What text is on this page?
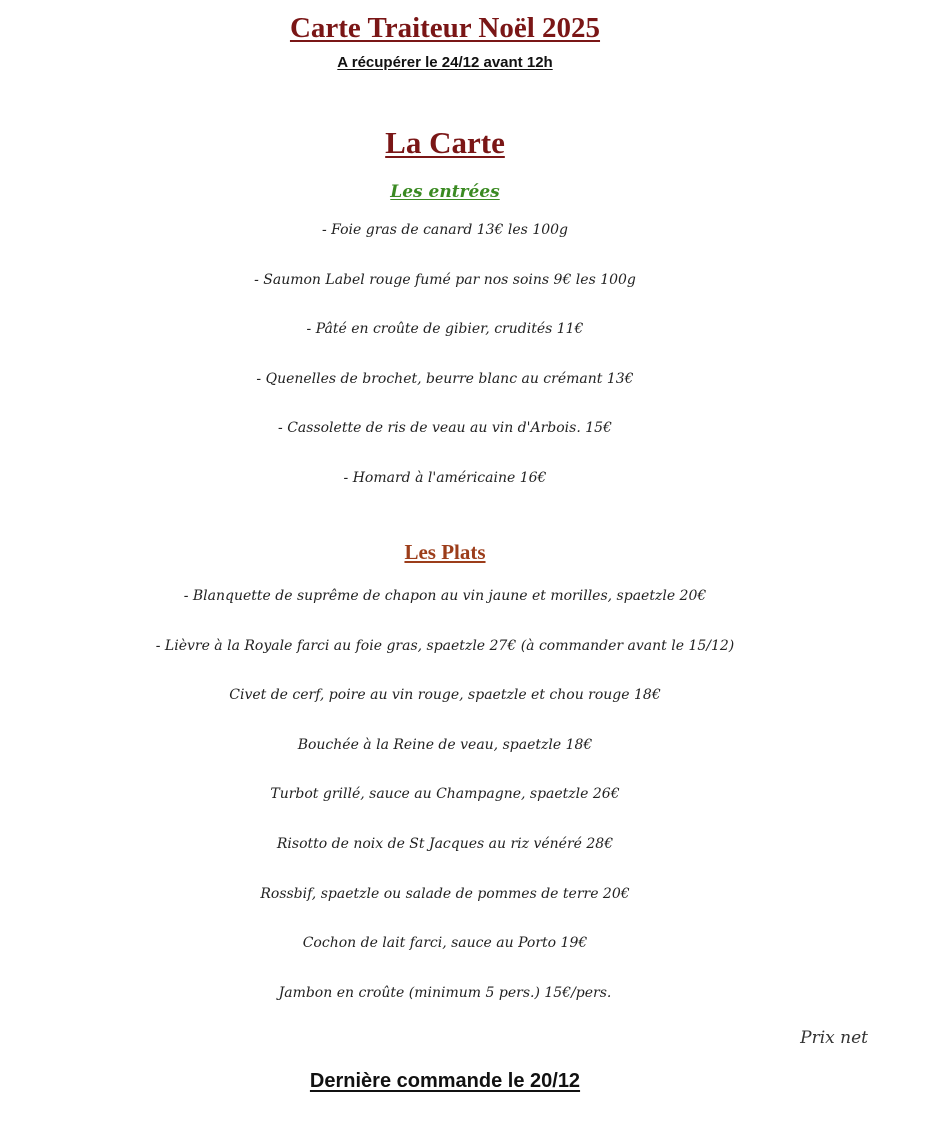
Carte Traiteur Noël 2025
A récupérer le 24/12 avant 12h
La Carte
Les entrées
- Foie gras de canard 13€ les 100g
- Saumon Label rouge fumé par nos soins 9€ les 100g
- Pâté en croûte de gibier, crudités 11€
- Quenelles de brochet, beurre blanc au crémant 13€
- Cassolette de ris de veau au vin d'Arbois. 15€
- Homard à l'américaine 16€
Les Plats
- Blanquette de suprême de chapon au vin jaune et morilles, spaetzle 20€
- Lièvre à la Royale farci au foie gras, spaetzle 27€ (à commander avant le 15/12)
Civet de cerf, poire au vin rouge, spaetzle et chou rouge 18€
Bouchée à la Reine de veau, spaetzle 18€
Turbot grillé, sauce au Champagne, spaetzle 26€
Risotto de noix de St Jacques au riz vénéré 28€
Rossbif, spaetzle ou salade de pommes de terre 20€
Cochon de lait farci, sauce au Porto 19€
Jambon en croûte (minimum 5 pers.) 15€/pers.
Prix net
Dernière commande le 20/12
